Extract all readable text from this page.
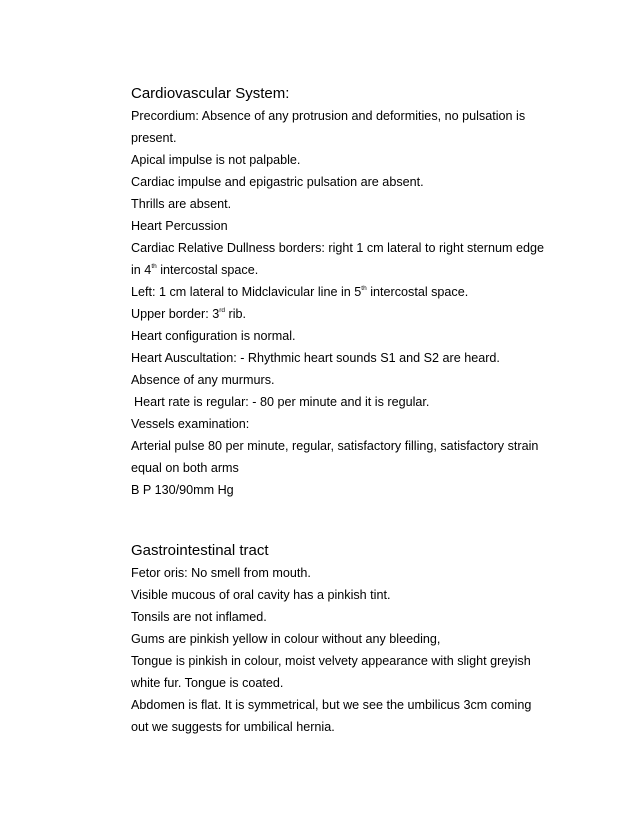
Cardiovascular System:
Precordium: Absence of any protrusion and deformities, no pulsation is
present.
Apical impulse is not palpable.
Cardiac impulse and epigastric pulsation are absent.
Thrills are absent.
Heart Percussion
Cardiac Relative Dullness borders: right 1 cm lateral to right sternum edge
in 4th intercostal space.
Left: 1 cm lateral to Midclavicular line in 5th intercostal space.
Upper border: 3rd rib.
Heart configuration is normal.
Heart Auscultation: - Rhythmic heart sounds S1 and S2 are heard.
Absence of any murmurs.
Heart rate is regular: - 80 per minute and it is regular.
Vessels examination:
Arterial pulse 80 per minute, regular, satisfactory filling, satisfactory strain
equal on both arms
B P 130/90mm Hg
Gastrointestinal tract
Fetor oris: No smell from mouth.
Visible mucous of oral cavity has a pinkish tint.
Tonsils are not inflamed.
Gums are pinkish yellow in colour without any bleeding,
Tongue is pinkish in colour, moist velvety appearance with slight greyish
white fur. Tongue is coated.
Abdomen is flat. It is symmetrical, but we see the umbilicus 3cm coming
out we suggests for umbilical hernia.
